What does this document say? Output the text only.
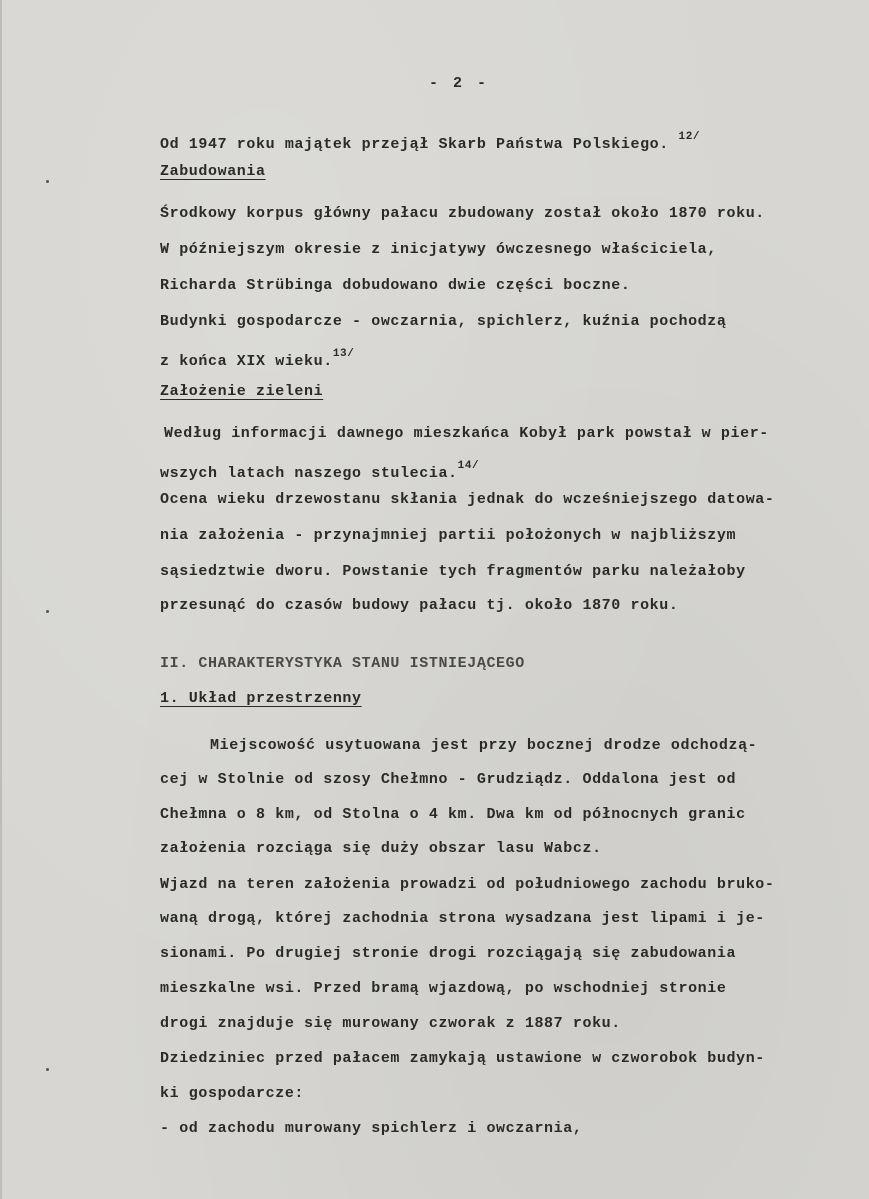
- 2 -
Od 1947 roku majątek przejął Skarb Państwa Polskiego. $^{12/}$
Zabudowania
Środkowy korpus główny pałacu zbudowany został około 1870 roku.
W późniejszym okresie z inicjatywy ówczesnego właściciela,
Richarda Strübinga dobudowano dwie części boczne.
Budynki gospodarcze - owczarnia, spichlerz, kuźnia pochodzą
z końca XIX wieku.$^{13/}$
Założenie zieleni
Według informacji dawnego mieszkańca Kobył park powstał w pier-
wszych latach naszego stulecia.$^{14/}$
Ocena wieku drzewostanu skłania jednak do wcześniejszego datowa-
nia założenia - przynajmniej partii położonych w najbliższym
sąsiedztwie dworu. Powstanie tych fragmentów parku należałoby
przesunąć do czasów budowy pałacu tj. około 1870 roku.
II. CHARAKTERYSTYKA STANU ISTNIEJĄCEGO
1. Układ przestrzenny
Miejscowość usytuowana jest przy bocznej drodze odchodzą-
cej w Stolnie od szosy Chełmno - Grudziądz. Oddalona jest od
Chełmna o 8 km, od Stolna o 4 km. Dwa km od północnych granic
założenia rozciąga się duży obszar lasu Wabcz.
Wjazd na teren założenia prowadzi od południowego zachodu bruko-
waną drogą, której zachodnia strona wysadzana jest lipami i je-
sionami. Po drugiej stronie drogi rozciągają się zabudowania
mieszkalne wsi. Przed bramą wjazdową, po wschodniej stronie
drogi znajduje się murowany czworak z 1887 roku.
Dziedziniec przed pałacem zamykają ustawione w czworobok budyn-
ki gospodarcze:
- od zachodu murowany spichlerz i owczarnia,
